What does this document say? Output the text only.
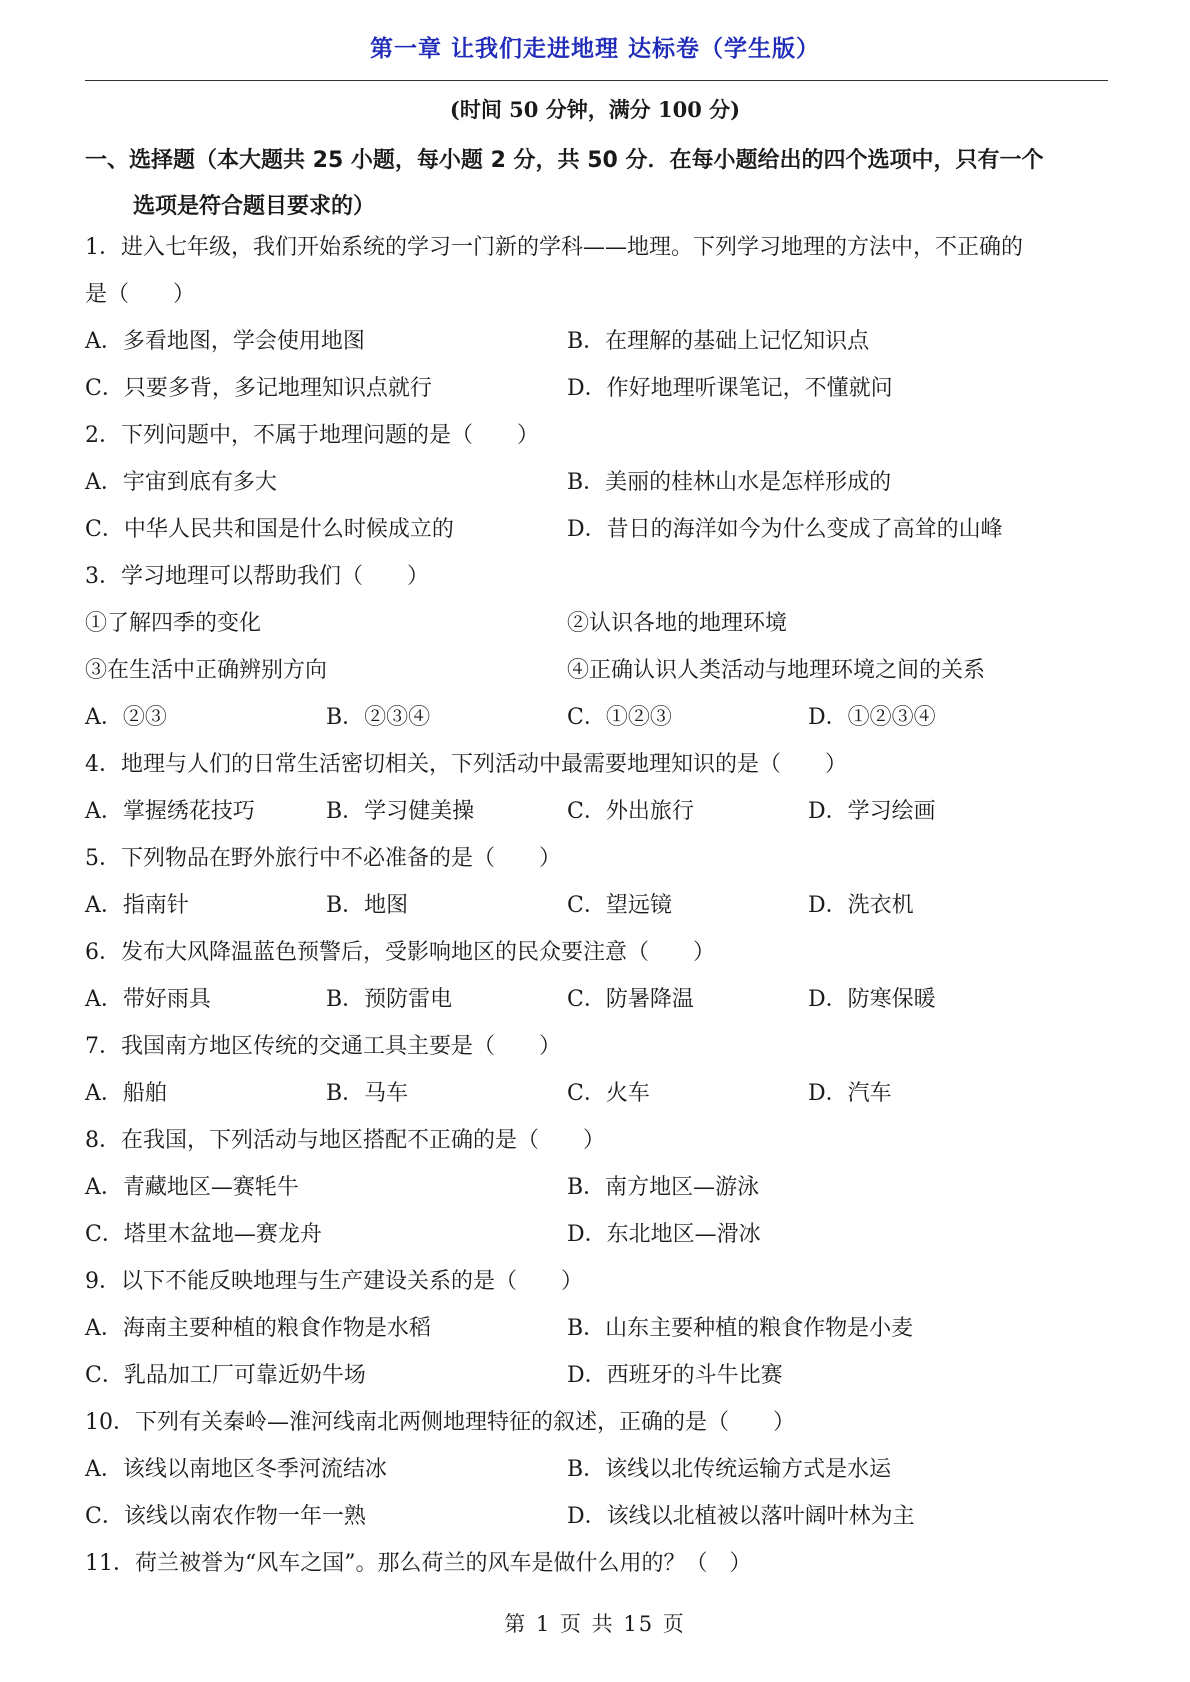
第一章 让我们走进地理 达标卷（学生版）
(时间 50 分钟，满分 100 分)
一、选择题（本大题共 25 小题，每小题 2 分，共 50 分．在每小题给出的四个选项中，只有一个
选项是符合题目要求的）
1．进入七年级，我们开始系统的学习一门新的学科——地理。下列学习地理的方法中，不正确的
是（　　）
A．多看地图，学会使用地图	B．在理解的基础上记忆知识点
C．只要多背，多记地理知识点就行	D．作好地理听课笔记，不懂就问
2．下列问题中，不属于地理问题的是（　　）
A．宇宙到底有多大	B．美丽的桂林山水是怎样形成的
C．中华人民共和国是什么时候成立的	D．昔日的海洋如今为什么变成了高耸的山峰
3．学习地理可以帮助我们（　　）
①了解四季的变化	②认识各地的地理环境
③在生活中正确辨别方向	④正确认识人类活动与地理环境之间的关系
A．②③	B．②③④	C．①②③	D．①②③④
4．地理与人们的日常生活密切相关，下列活动中最需要地理知识的是（　　）
A．掌握绣花技巧	B．学习健美操	C．外出旅行	D．学习绘画
5．下列物品在野外旅行中不必准备的是（　　）
A．指南针	B．地图	C．望远镜	D．洗衣机
6．发布大风降温蓝色预警后，受影响地区的民众要注意（　　）
A．带好雨具	B．预防雷电	C．防暑降温	D．防寒保暖
7．我国南方地区传统的交通工具主要是（　　）
A．船舶	B．马车	C．火车	D．汽车
8．在我国，下列活动与地区搭配不正确的是（　　）
A．青藏地区—赛牦牛	B．南方地区—游泳
C．塔里木盆地—赛龙舟	D．东北地区—滑冰
9．以下不能反映地理与生产建设关系的是（　　）
A．海南主要种植的粮食作物是水稻	B．山东主要种植的粮食作物是小麦
C．乳品加工厂可靠近奶牛场	D．西班牙的斗牛比赛
10．下列有关秦岭—淮河线南北两侧地理特征的叙述，正确的是（　　）
A．该线以南地区冬季河流结冰	B．该线以北传统运输方式是水运
C．该线以南农作物一年一熟	D．该线以北植被以落叶阔叶林为主
11．荷兰被誉为“风车之国”。那么荷兰的风车是做什么用的？（　）
第 1 页 共 15 页
